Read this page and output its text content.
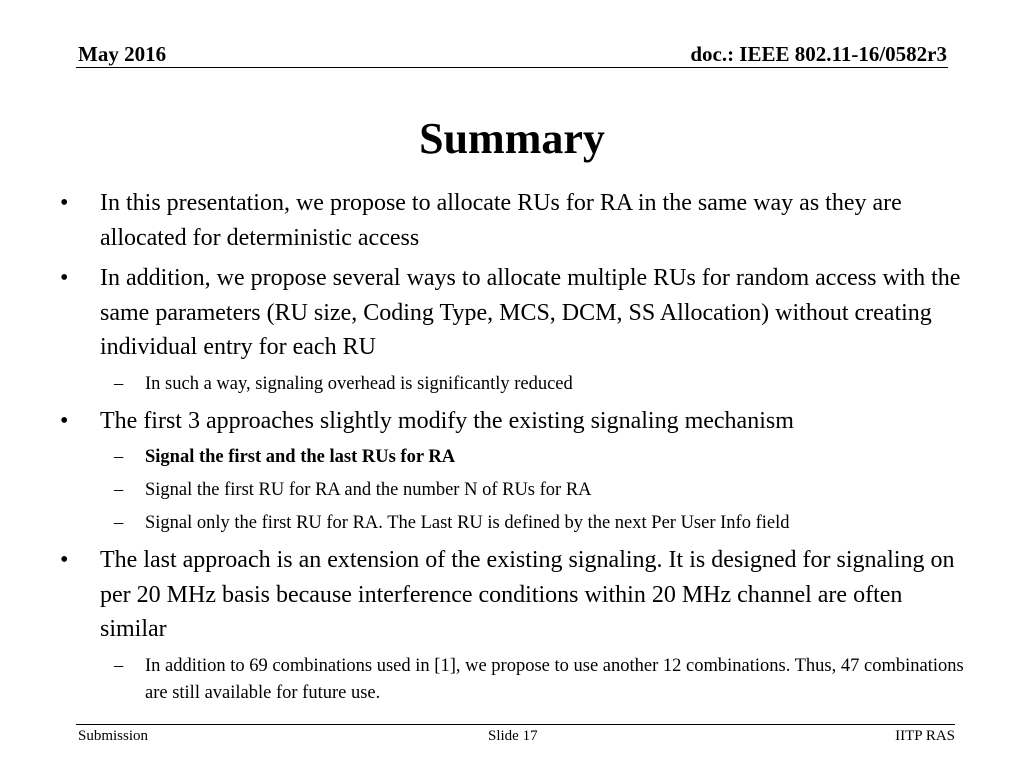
May 2016	doc.: IEEE 802.11-16/0582r3
Summary
• In this presentation, we propose to allocate RUs for RA in the same way as they are allocated for deterministic access
• In addition, we propose several ways to allocate multiple RUs for random access with the same parameters (RU size, Coding Type, MCS, DCM, SS Allocation) without creating individual entry for each RU
– In such a way, signaling overhead is significantly reduced
• The first 3 approaches slightly modify the existing signaling mechanism
– Signal the first and the last RUs for RA
– Signal the first RU for RA and the number N of RUs for RA
– Signal only the first RU for RA. The Last RU is defined by the next Per User Info field
• The last approach is an extension of the existing signaling. It is designed for signaling on per 20 MHz basis because interference conditions within 20 MHz channel are often similar
– In addition to 69 combinations used in [1], we propose to use another 12 combinations. Thus, 47 combinations are still available for future use.
Submission	Slide 17	IITP RAS
